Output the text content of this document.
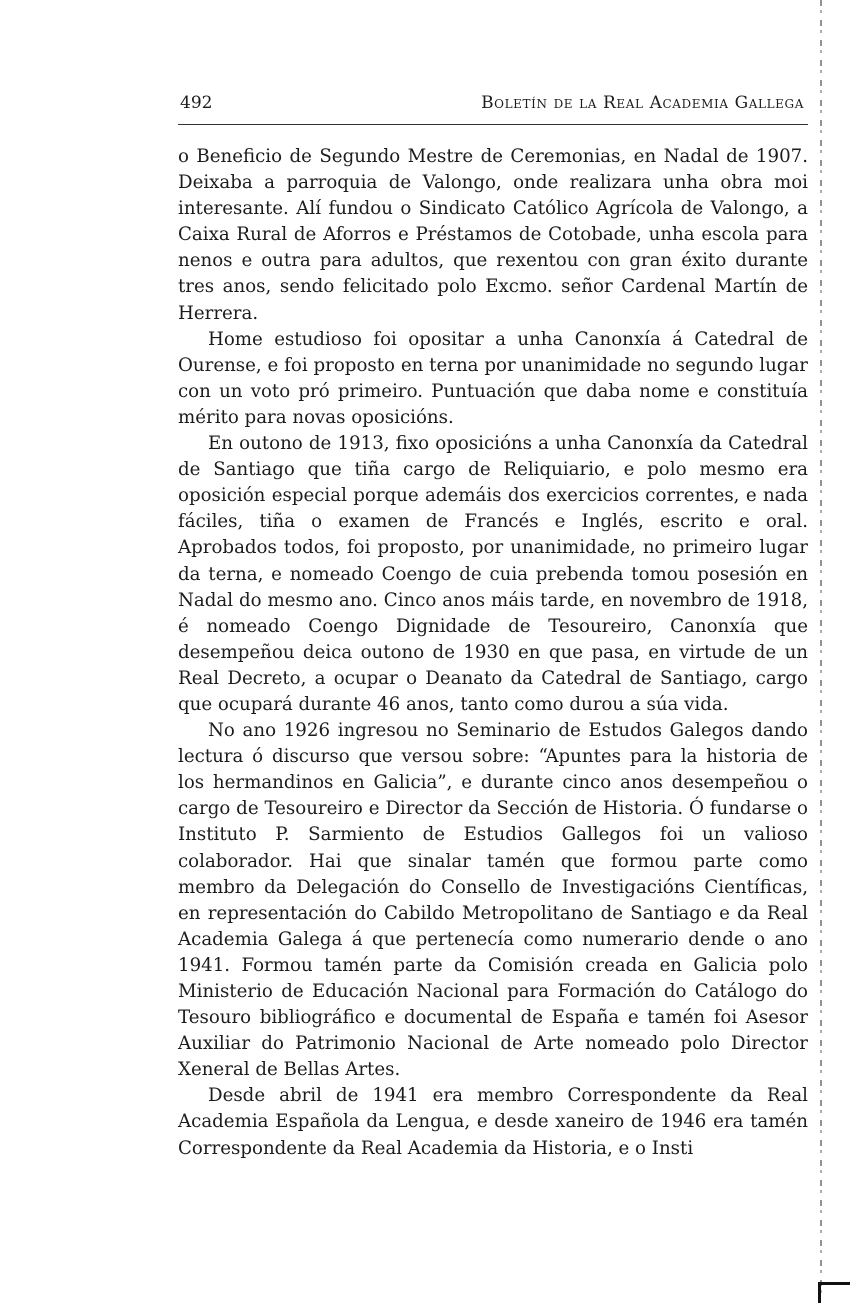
492	Boletín de la Real Academia Gallega

o Beneficio de Segundo Mestre de Ceremonias, en Nadal de 1907. Deixaba a parroquia de Valongo, onde realizara unha obra moi interesante. Alí fundou o Sindicato Católico Agrícola de Valongo, a Caixa Rural de Aforros e Préstamos de Cotobade, unha escola para nenos e outra para adultos, que rexentou con gran éxito durante tres anos, sendo felicitado polo Excmo. señor Cardenal Martín de Herrera.

Home estudioso foi opositar a unha Canonxía á Catedral de Ourense, e foi proposto en terna por unanimidade no segundo lugar con un voto pró primeiro. Puntuación que daba nome e constituía mérito para novas oposicións.

En outono de 1913, fixo oposicións a unha Canonxía da Catedral de Santiago que tiña cargo de Reliquiario, e polo mesmo era oposición especial porque ademáis dos exercicios correntes, e nada fáciles, tiña o examen de Francés e Inglés, escrito e oral. Aprobados todos, foi proposto, por unanimidade, no primeiro lugar da terna, e nomeado Coengo de cuia prebenda tomou posesión en Nadal do mesmo ano. Cinco anos máis tarde, en novembro de 1918, é nomeado Coengo Dignidade de Tesoureiro, Canonxía que desempeñou deica outono de 1930 en que pasa, en virtude de un Real Decreto, a ocupar o Deanato da Catedral de Santiago, cargo que ocupará durante 46 anos, tanto como durou a súa vida.

No ano 1926 ingresou no Seminario de Estudos Galegos dando lectura ó discurso que versou sobre: “Apuntes para la historia de los hermandinos en Galicia”, e durante cinco anos desempeñou o cargo de Tesoureiro e Director da Sección de Historia. Ó fundarse o Instituto P. Sarmiento de Estudios Gallegos foi un valioso colaborador. Hai que sinalar tamén que formou parte como membro da Delegación do Consello de Investigacións Científicas, en representación do Cabildo Metropolitano de Santiago e da Real Academia Galega á que pertenecía como numerario dende o ano 1941. Formou tamén parte da Comisión creada en Galicia polo Ministerio de Educación Nacional para Formación do Catálogo do Tesouro bibliográfico e documental de España e tamén foi Asesor Auxiliar do Patrimonio Nacional de Arte nomeado polo Director Xeneral de Bellas Artes.

Desde abril de 1941 era membro Correspondente da Real Academia Española da Lengua, e desde xaneiro de 1946 era tamén Correspondente da Real Academia da Historia, e o Insti
